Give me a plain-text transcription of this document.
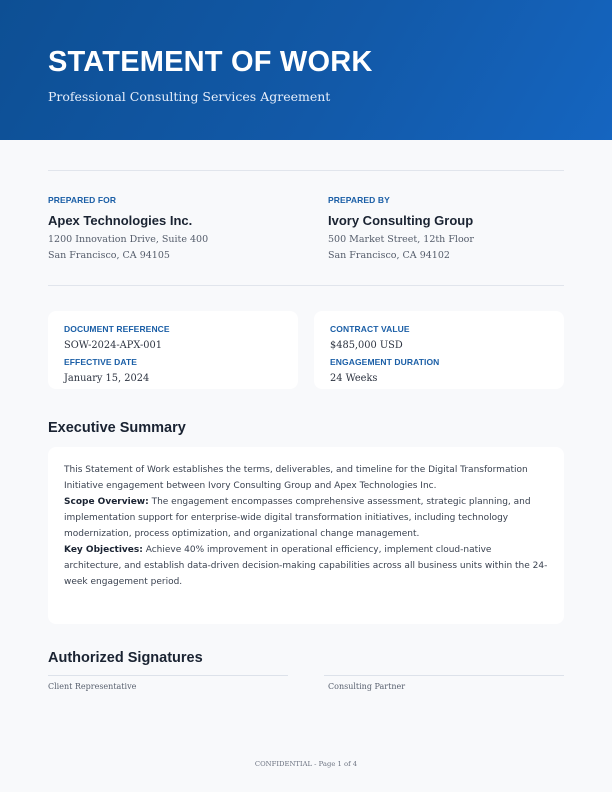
STATEMENT OF WORK
Professional Consulting Services Agreement
PREPARED FOR
Apex Technologies Inc.
1200 Innovation Drive, Suite 400
San Francisco, CA 94105
PREPARED BY
Ivory Consulting Group
500 Market Street, 12th Floor
San Francisco, CA 94102
DOCUMENT REFERENCE
SOW-2024-APX-001
EFFECTIVE DATE
January 15, 2024
CONTRACT VALUE
$485,000 USD
ENGAGEMENT DURATION
24 Weeks
Executive Summary

This Statement of Work establishes the terms, deliverables, and timeline for the Digital Transformation Initiative engagement between Ivory Consulting Group and Apex Technologies Inc.

Scope Overview: The engagement encompasses comprehensive assessment, strategic planning, and implementation support for enterprise-wide digital transformation initiatives, including technology modernization, process optimization, and organizational change management.

Key Objectives: Achieve 40% improvement in operational efficiency, implement cloud-native architecture, and establish data-driven decision-making capabilities across all business units within the 24-week engagement period.

Authorized Signatures
Client Representative	Consulting Partner
CONFIDENTIAL - Page 1 of 4
